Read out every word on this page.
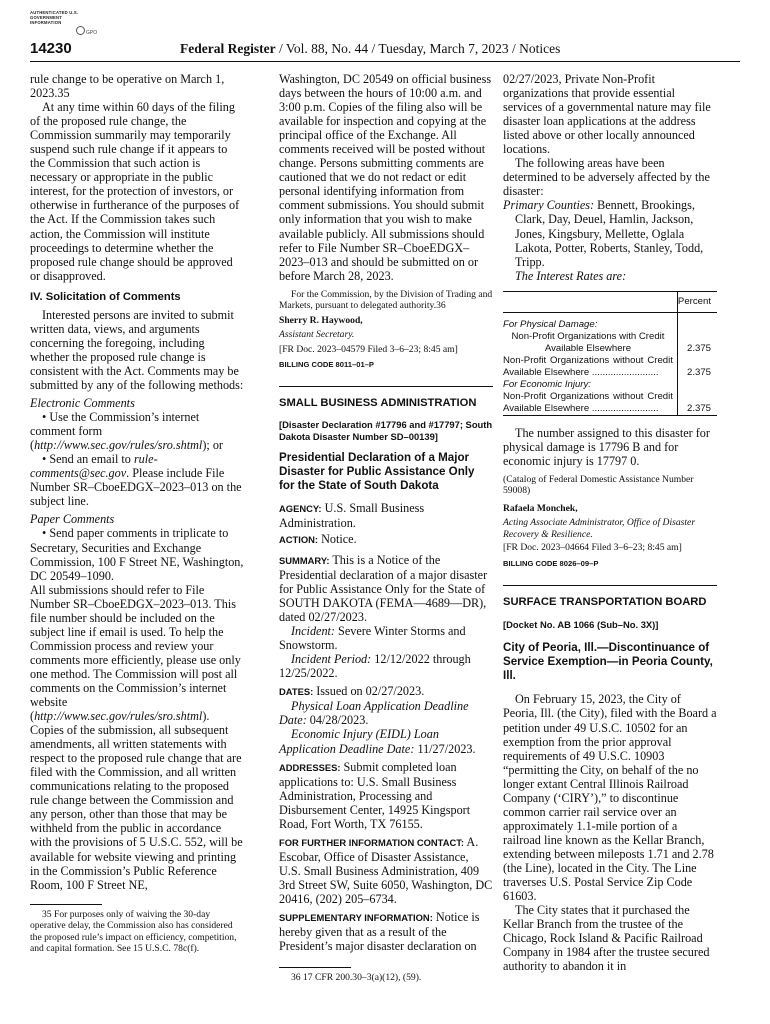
AUTHENTICATED U.S. GOVERNMENT INFORMATION
GPO
14230	Federal Register / Vol. 88, No. 44 / Tuesday, March 7, 2023 / Notices

rule change to be operative on March 1, 2023.35

At any time within 60 days of the filing of the proposed rule change, the Commission summarily may temporarily suspend such rule change if it appears to the Commission that such action is necessary or appropriate in the public interest, for the protection of investors, or otherwise in furtherance of the purposes of the Act. If the Commission takes such action, the Commission will institute proceedings to determine whether the proposed rule change should be approved or disapproved.

IV. Solicitation of Comments

Interested persons are invited to submit written data, views, and arguments concerning the foregoing, including whether the proposed rule change is consistent with the Act. Comments may be submitted by any of the following methods:

Electronic Comments

• Use the Commission’s internet comment form (http://www.sec.gov/rules/sro.shtml); or

• Send an email to rule-comments@sec.gov. Please include File Number SR–CboeEDGX–2023–013 on the subject line.

Paper Comments

• Send paper comments in triplicate to Secretary, Securities and Exchange Commission, 100 F Street NE, Washington, DC 20549–1090.

All submissions should refer to File Number SR–CboeEDGX–2023–013. This file number should be included on the subject line if email is used. To help the Commission process and review your comments more efficiently, please use only one method. The Commission will post all comments on the Commission’s internet website (http://www.sec.gov/rules/sro.shtml). Copies of the submission, all subsequent amendments, all written statements with respect to the proposed rule change that are filed with the Commission, and all written communications relating to the proposed rule change between the Commission and any person, other than those that may be withheld from the public in accordance with the provisions of 5 U.S.C. 552, will be available for website viewing and printing in the Commission’s Public Reference Room, 100 F Street NE,

35 For purposes only of waiving the 30-day operative delay, the Commission also has considered the proposed rule’s impact on efficiency, competition, and capital formation. See 15 U.S.C. 78c(f).

Washington, DC 20549 on official business days between the hours of 10:00 a.m. and 3:00 p.m. Copies of the filing also will be available for inspection and copying at the principal office of the Exchange. All comments received will be posted without change. Persons submitting comments are cautioned that we do not redact or edit personal identifying information from comment submissions. You should submit only information that you wish to make available publicly. All submissions should refer to File Number SR–CboeEDGX–2023–013 and should be submitted on or before March 28, 2023.

For the Commission, by the Division of Trading and Markets, pursuant to delegated authority.36

Sherry R. Haywood,

Assistant Secretary.

[FR Doc. 2023–04579 Filed 3–6–23; 8:45 am]

BILLING CODE 8011–01–P

SMALL BUSINESS ADMINISTRATION

[Disaster Declaration #17796 and #17797; South Dakota Disaster Number SD–00139]

Presidential Declaration of a Major Disaster for Public Assistance Only for the State of South Dakota

AGENCY: U.S. Small Business Administration.

ACTION: Notice.

SUMMARY: This is a Notice of the Presidential declaration of a major disaster for Public Assistance Only for the State of SOUTH DAKOTA (FEMA—4689—DR), dated 02/27/2023.

Incident: Severe Winter Storms and Snowstorm.

Incident Period: 12/12/2022 through 12/25/2022.

DATES: Issued on 02/27/2023.

Physical Loan Application Deadline Date: 04/28/2023.

Economic Injury (EIDL) Loan Application Deadline Date: 11/27/2023.

ADDRESSES: Submit completed loan applications to: U.S. Small Business Administration, Processing and Disbursement Center, 14925 Kingsport Road, Fort Worth, TX 76155.

FOR FURTHER INFORMATION CONTACT: A. Escobar, Office of Disaster Assistance, U.S. Small Business Administration, 409 3rd Street SW, Suite 6050, Washington, DC 20416, (202) 205–6734.

SUPPLEMENTARY INFORMATION: Notice is hereby given that as a result of the President’s major disaster declaration on

36 17 CFR 200.30–3(a)(12), (59).

02/27/2023, Private Non-Profit organizations that provide essential services of a governmental nature may file disaster loan applications at the address listed above or other locally announced locations.

The following areas have been determined to be adversely affected by the disaster:

Primary Counties: Bennett, Brookings, Clark, Day, Deuel, Hamlin, Jackson, Jones, Kingsbury, Mellette, Oglala Lakota, Potter, Roberts, Stanley, Todd, Tripp.

The Interest Rates are:

	Percent
For Physical Damage:	
Non-Profit Organizations with Credit Available Elsewhere	2.375
Non-Profit Organizations without Credit Available Elsewhere .........................	2.375
For Economic Injury:	
Non-Profit Organizations without Credit Available Elsewhere .........................	2.375

The number assigned to this disaster for physical damage is 17796 B and for economic injury is 17797 0.

(Catalog of Federal Domestic Assistance Number 59008)

Rafaela Monchek,

Acting Associate Administrator, Office of Disaster Recovery & Resilience.

[FR Doc. 2023–04664 Filed 3–6–23; 8:45 am]

BILLING CODE 8026–09–P

SURFACE TRANSPORTATION BOARD

[Docket No. AB 1066 (Sub–No. 3X)]

City of Peoria, Ill.—Discontinuance of Service Exemption—in Peoria County, Ill.

On February 15, 2023, the City of Peoria, Ill. (the City), filed with the Board a petition under 49 U.S.C. 10502 for an exemption from the prior approval requirements of 49 U.S.C. 10903 “permitting the City, on behalf of the no longer extant Central Illinois Railroad Company (‘CIRY’),” to discontinue common carrier rail service over an approximately 1.1-mile portion of a railroad line known as the Kellar Branch, extending between mileposts 1.71 and 2.78 (the Line), located in the City. The Line traverses U.S. Postal Service Zip Code 61603.

The City states that it purchased the Kellar Branch from the trustee of the Chicago, Rock Island & Pacific Railroad Company in 1984 after the trustee secured authority to abandon it in
